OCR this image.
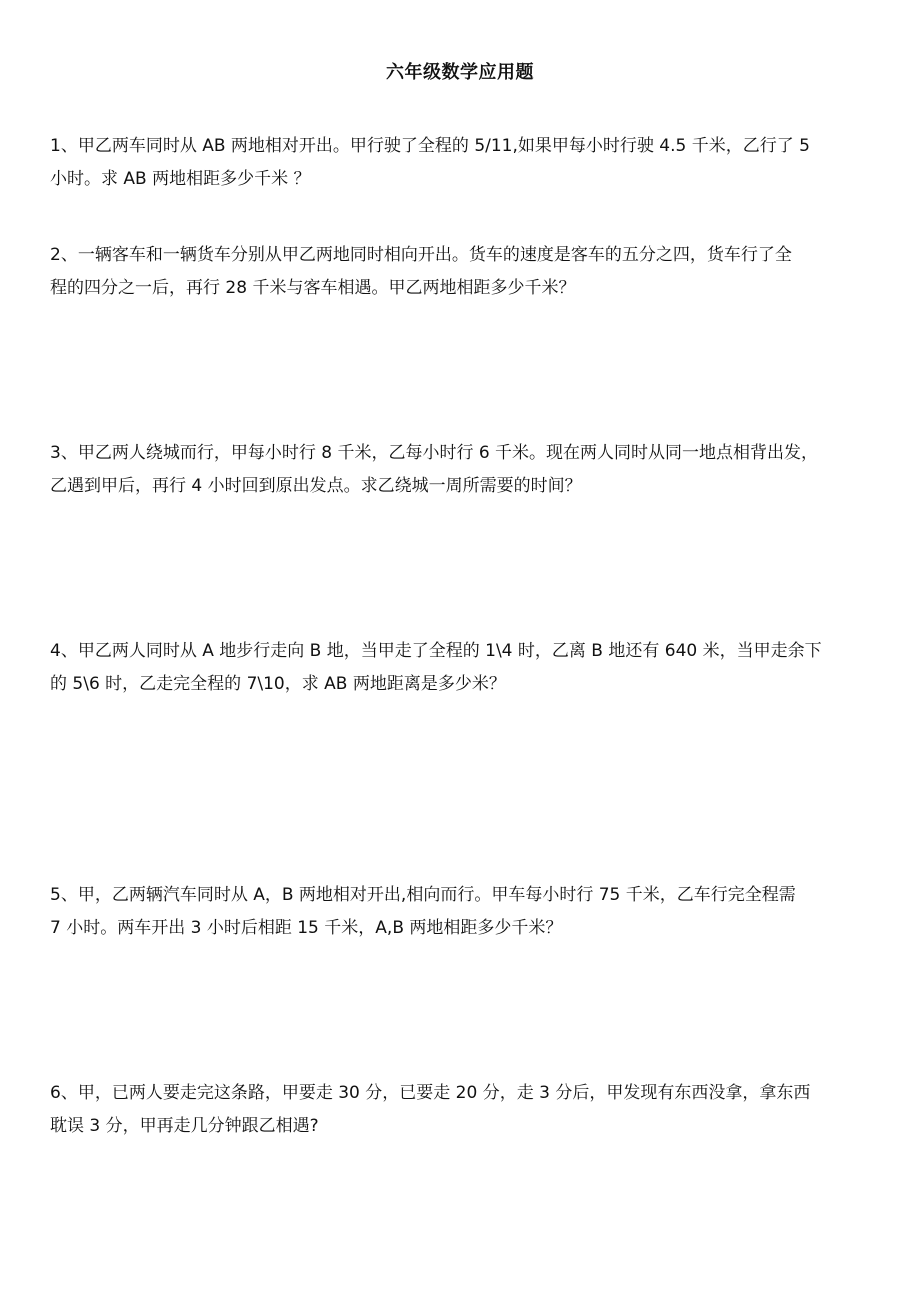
六年级数学应用题
1、甲乙两车同时从 AB 两地相对开出。甲行驶了全程的 5/11,如果甲每小时行驶 4.5 千米，乙行了 5
小时。求 AB 两地相距多少千米 ？
2、一辆客车和一辆货车分别从甲乙两地同时相向开出。货车的速度是客车的五分之四，货车行了全
程的四分之一后，再行 28 千米与客车相遇。甲乙两地相距多少千米？
3、甲乙两人绕城而行，甲每小时行 8 千米，乙每小时行 6 千米。现在两人同时从同一地点相背出发，
乙遇到甲后，再行 4 小时回到原出发点。求乙绕城一周所需要的时间？
4、甲乙两人同时从 A 地步行走向 B 地，当甲走了全程的 1\4 时，乙离 B 地还有 640 米，当甲走余下
的 5\6 时，乙走完全程的 7\10，求 AB 两地距离是多少米？
5、甲，乙两辆汽车同时从 A，B 两地相对开出,相向而行。甲车每小时行 75 千米，乙车行完全程需
7 小时。两车开出 3 小时后相距 15 千米，A,B 两地相距多少千米？
6、甲，已两人要走完这条路，甲要走 30 分，已要走 20 分，走 3 分后，甲发现有东西没拿，拿东西
耽误 3 分，甲再走几分钟跟乙相遇?
